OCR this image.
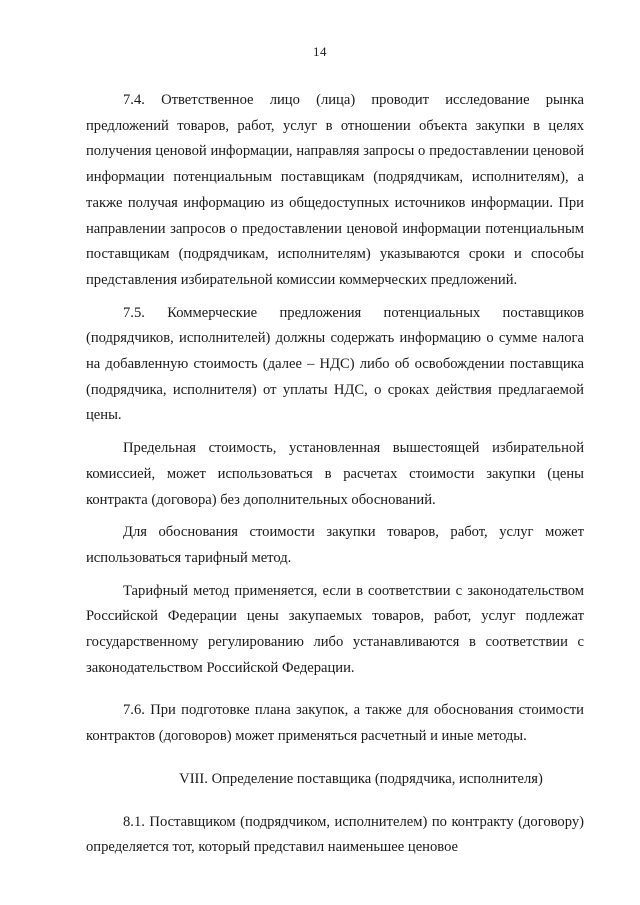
14

7.4. Ответственное лицо (лица) проводит исследование рынка предложений товаров, работ, услуг в отношении объекта закупки в целях получения ценовой информации, направляя запросы о предоставлении ценовой информации потенциальным поставщикам (подрядчикам, исполнителям), а также получая информацию из общедоступных источников информации. При направлении запросов о предоставлении ценовой информации потенциальным поставщикам (подрядчикам, исполнителям) указываются сроки и способы представления избирательной комиссии коммерческих предложений.

7.5. Коммерческие предложения потенциальных поставщиков (подрядчиков, исполнителей) должны содержать информацию о сумме налога на добавленную стоимость (далее – НДС) либо об освобождении поставщика (подрядчика, исполнителя) от уплаты НДС, о сроках действия предлагаемой цены.

Предельная стоимость, установленная вышестоящей избирательной комиссией, может использоваться в расчетах стоимости закупки (цены контракта (договора) без дополнительных обоснований.

Для обоснования стоимости закупки товаров, работ, услуг может использоваться тарифный метод.

Тарифный метод применяется, если в соответствии с законодательством Российской Федерации цены закупаемых товаров, работ, услуг подлежат государственному регулированию либо устанавливаются в соответствии с законодательством Российской Федерации.

7.6. При подготовке плана закупок, а также для обоснования стоимости контрактов (договоров) может применяться расчетный и иные методы.

VIII. Определение поставщика (подрядчика, исполнителя)

8.1. Поставщиком (подрядчиком, исполнителем) по контракту (договору) определяется тот, который представил наименьшее ценовое
